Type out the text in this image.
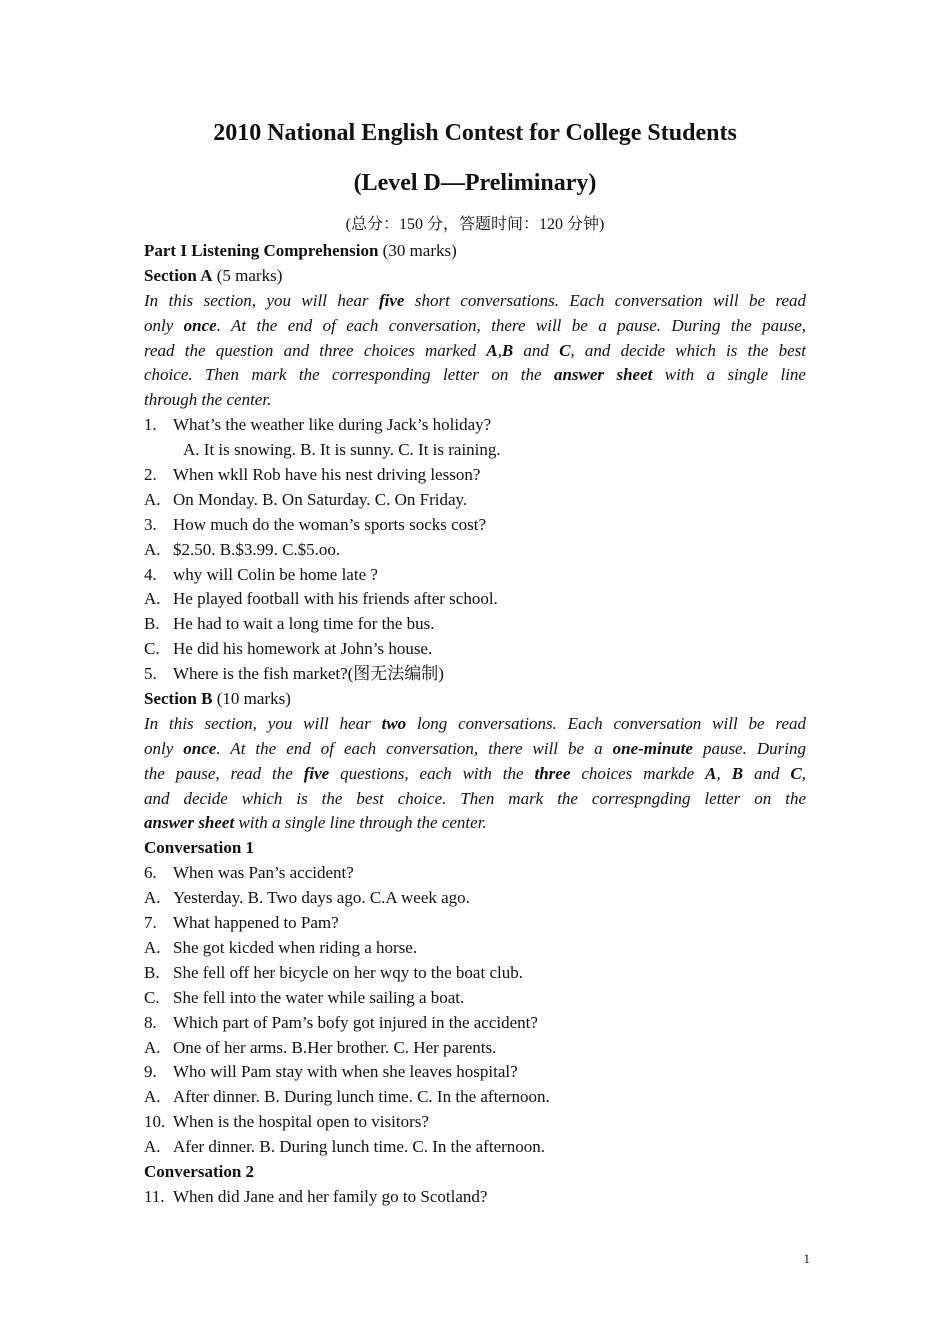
2010 National English Contest for College Students
(Level D—Preliminary)
(总分：150 分，答题时间：120 分钟)
Part I Listening Comprehension (30 marks)
Section A (5 marks)
In this section, you will hear five short conversations. Each conversation will be read
only once. At the end of each conversation, there will be a pause. During the pause,
read the question and three choices marked A,B and C, and decide which is the best
choice. Then mark the corresponding letter on the answer sheet with a single line
through the center.
1. What’s the weather like during Jack’s holiday?
A. It is snowing. B. It is sunny. C. It is raining.
2. When wkll Rob have his nest driving lesson?
A. On Monday. B. On Saturday. C. On Friday.
3. How much do the woman’s sports socks cost?
A. $2.50. B.$3.99. C.$5.oo.
4. why will Colin be home late ?
A. He played football with his friends after school.
B. He had to wait a long time for the bus.
C. He did his homework at John’s house.
5. Where is the fish market?(图无法编制)
Section B (10 marks)
In this section, you will hear two long conversations. Each conversation will be read
only once. At the end of each conversation, there will be a one-minute pause. During
the pause, read the five questions, each with the three choices markde A, B and C,
and decide which is the best choice. Then mark the correspngding letter on the
answer sheet with a single line through the center.
Conversation 1
6. When was Pan’s accident?
A. Yesterday. B. Two days ago. C.A week ago.
7. What happened to Pam?
A. She got kicded when riding a horse.
B. She fell off her bicycle on her wqy to the boat club.
C. She fell into the water while sailing a boat.
8. Which part of Pam’s bofy got injured in the accident?
A. One of her arms. B.Her brother. C. Her parents.
9. Who will Pam stay with when she leaves hospital?
A. After dinner. B. During lunch time. C. In the afternoon.
10. When is the hospital open to visitors?
A. Afer dinner. B. During lunch time. C. In the afternoon.
Conversation 2
11. When did Jane and her family go to Scotland?
1
